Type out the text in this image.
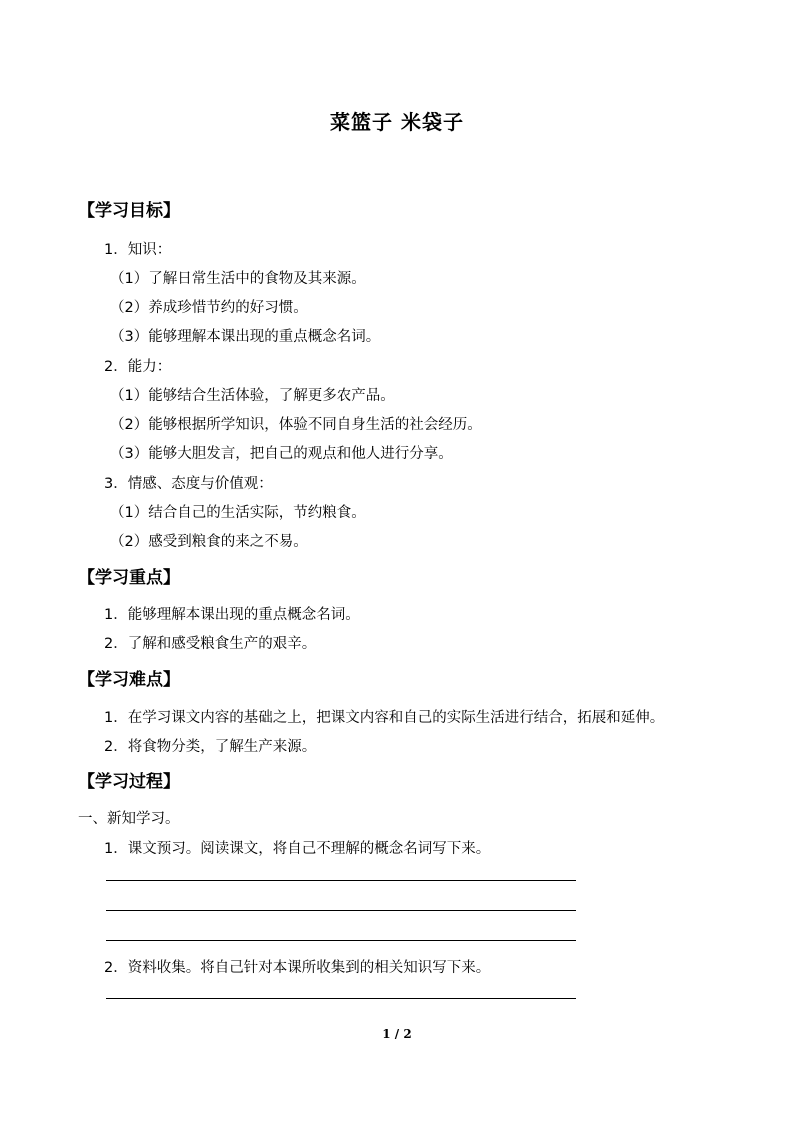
菜篮子 米袋子
【学习目标】
1．知识：
（1）了解日常生活中的食物及其来源。
（2）养成珍惜节约的好习惯。
（3）能够理解本课出现的重点概念名词。
2．能力：
（1）能够结合生活体验，了解更多农产品。
（2）能够根据所学知识，体验不同自身生活的社会经历。
（3）能够大胆发言，把自己的观点和他人进行分享。
3．情感、态度与价值观：
（1）结合自己的生活实际，节约粮食。
（2）感受到粮食的来之不易。
【学习重点】
1．能够理解本课出现的重点概念名词。
2．了解和感受粮食生产的艰辛。
【学习难点】
1．在学习课文内容的基础之上，把课文内容和自己的实际生活进行结合，拓展和延伸。
2．将食物分类，了解生产来源。
【学习过程】
一、新知学习。
1．课文预习。阅读课文，将自己不理解的概念名词写下来。
2．资料收集。将自己针对本课所收集到的相关知识写下来。
1 / 2
